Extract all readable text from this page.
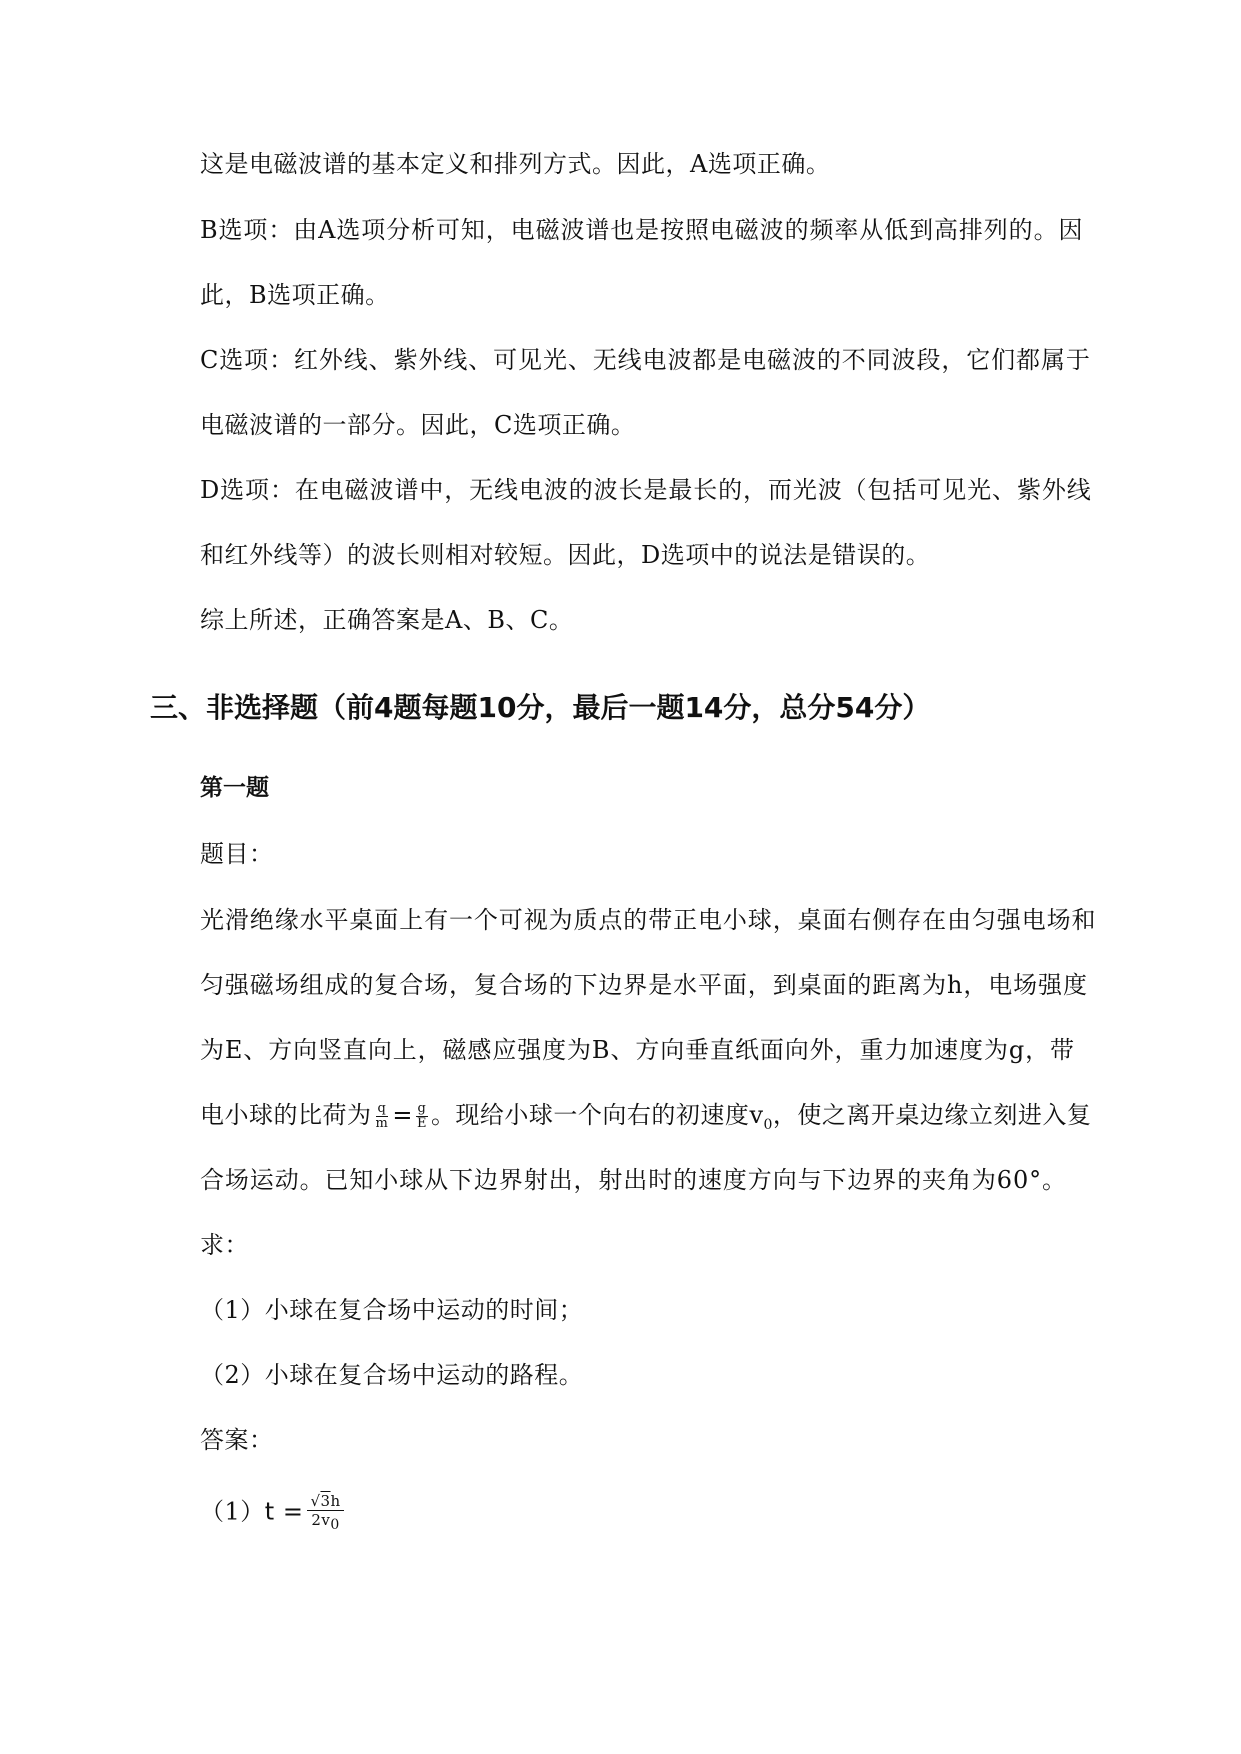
这是电磁波谱的基本定义和排列方式。因此，A选项正确。
B选项：由A选项分析可知，电磁波谱也是按照电磁波的频率从低到高排列的。因
此，B选项正确。
C选项：红外线、紫外线、可见光、无线电波都是电磁波的不同波段，它们都属于
电磁波谱的一部分。因此，C选项正确。
D选项：在电磁波谱中，无线电波的波长是最长的，而光波（包括可见光、紫外线
和红外线等）的波长则相对较短。因此，D选项中的说法是错误的。
综上所述，正确答案是A、B、C。
三、非选择题（前4题每题10分，最后一题14分，总分54分）
第一题
题目：
光滑绝缘水平桌面上有一个可视为质点的带正电小球，桌面右侧存在由匀强电场和
匀强磁场组成的复合场，复合场的下边界是水平面，到桌面的距离为h，电场强度
为E、方向竖直向上，磁感应强度为B、方向垂直纸面向外，重力加速度为g，带
电小球的比荷为 $\frac{q}{m} = \frac{g}{E}$ 。现给小球一个向右的初速度$v_0$，使之离开桌边缘立刻进入复
合场运动。已知小球从下边界射出，射出时的速度方向与下边界的夹角为60°。
求：
（1）小球在复合场中运动的时间；
（2）小球在复合场中运动的路程。
答案：
$(1)t = \frac{√3h}{2v_0}$
